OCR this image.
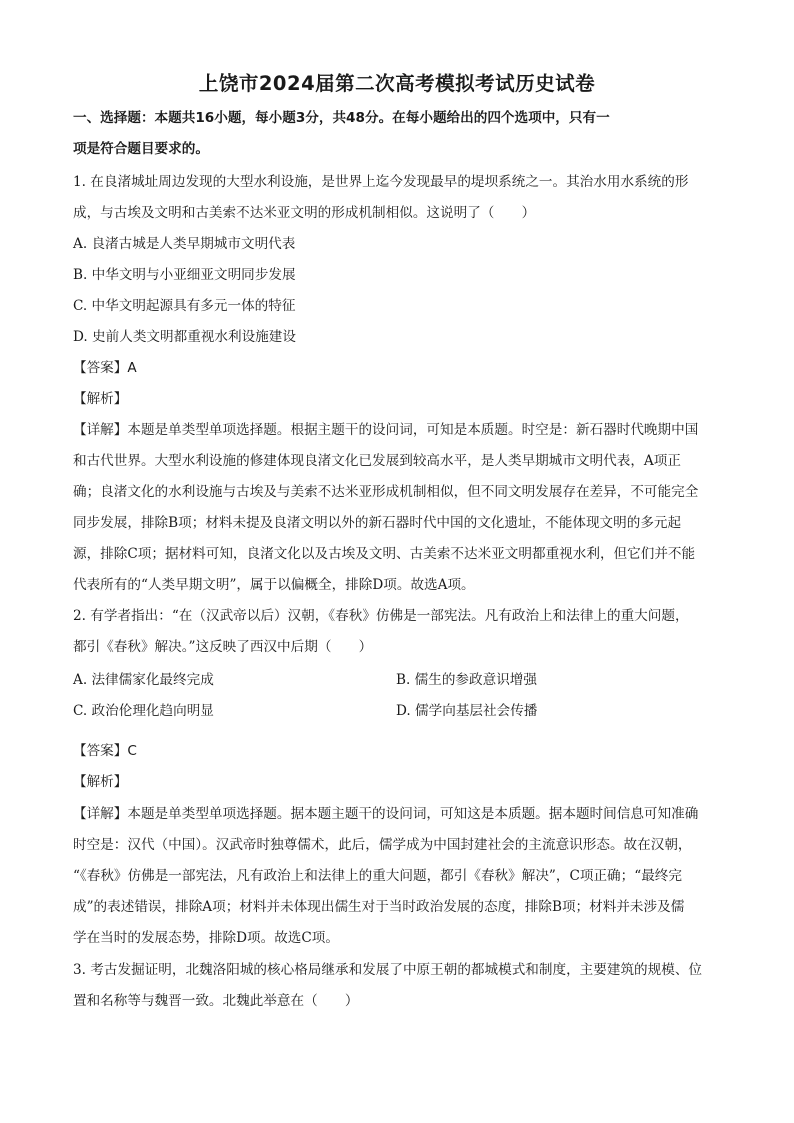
上饶市2024届第二次高考模拟考试历史试卷
一、选择题：本题共16小题，每小题3分，共48分。在每小题给出的四个选项中，只有一
项是符合题目要求的。
1. 在良渚城址周边发现的大型水利设施，是世界上迄今发现最早的堤坝系统之一。其治水用水系统的形
成，与古埃及文明和古美索不达米亚文明的形成机制相似。这说明了（　　）
A. 良渚古城是人类早期城市文明代表
B. 中华文明与小亚细亚文明同步发展
C. 中华文明起源具有多元一体的特征
D. 史前人类文明都重视水利设施建设
【答案】A
【解析】
【详解】本题是单类型单项选择题。根据主题干的设问词，可知是本质题。时空是：新石器时代晚期中国
和古代世界。大型水利设施的修建体现良渚文化已发展到较高水平，是人类早期城市文明代表，A项正
确；良渚文化的水利设施与古埃及与美索不达米亚形成机制相似，但不同文明发展存在差异，不可能完全
同步发展，排除B项；材料未提及良渚文明以外的新石器时代中国的文化遗址，不能体现文明的多元起
源，排除C项；据材料可知，良渚文化以及古埃及文明、古美索不达米亚文明都重视水利，但它们并不能
代表所有的“人类早期文明”，属于以偏概全，排除D项。故选A项。
2. 有学者指出：“在（汉武帝以后）汉朝，《春秋》仿佛是一部宪法。凡有政治上和法律上的重大问题，
都引《春秋》解决。”这反映了西汉中后期（　　）
A. 法律儒家化最终完成	B. 儒生的参政意识增强
C. 政治伦理化趋向明显	D. 儒学向基层社会传播
【答案】C
【解析】
【详解】本题是单类型单项选择题。据本题主题干的设问词，可知这是本质题。据本题时间信息可知准确
时空是：汉代（中国）。汉武帝时独尊儒术，此后，儒学成为中国封建社会的主流意识形态。故在汉朝，
“《春秋》仿佛是一部宪法，凡有政治上和法律上的重大问题，都引《春秋》解决”，C项正确；“最终完
成”的表述错误，排除A项；材料并未体现出儒生对于当时政治发展的态度，排除B项；材料并未涉及儒
学在当时的发展态势，排除D项。故选C项。
3. 考古发掘证明，北魏洛阳城的核心格局继承和发展了中原王朝的都城模式和制度，主要建筑的规模、位
置和名称等与魏晋一致。北魏此举意在（　　）
